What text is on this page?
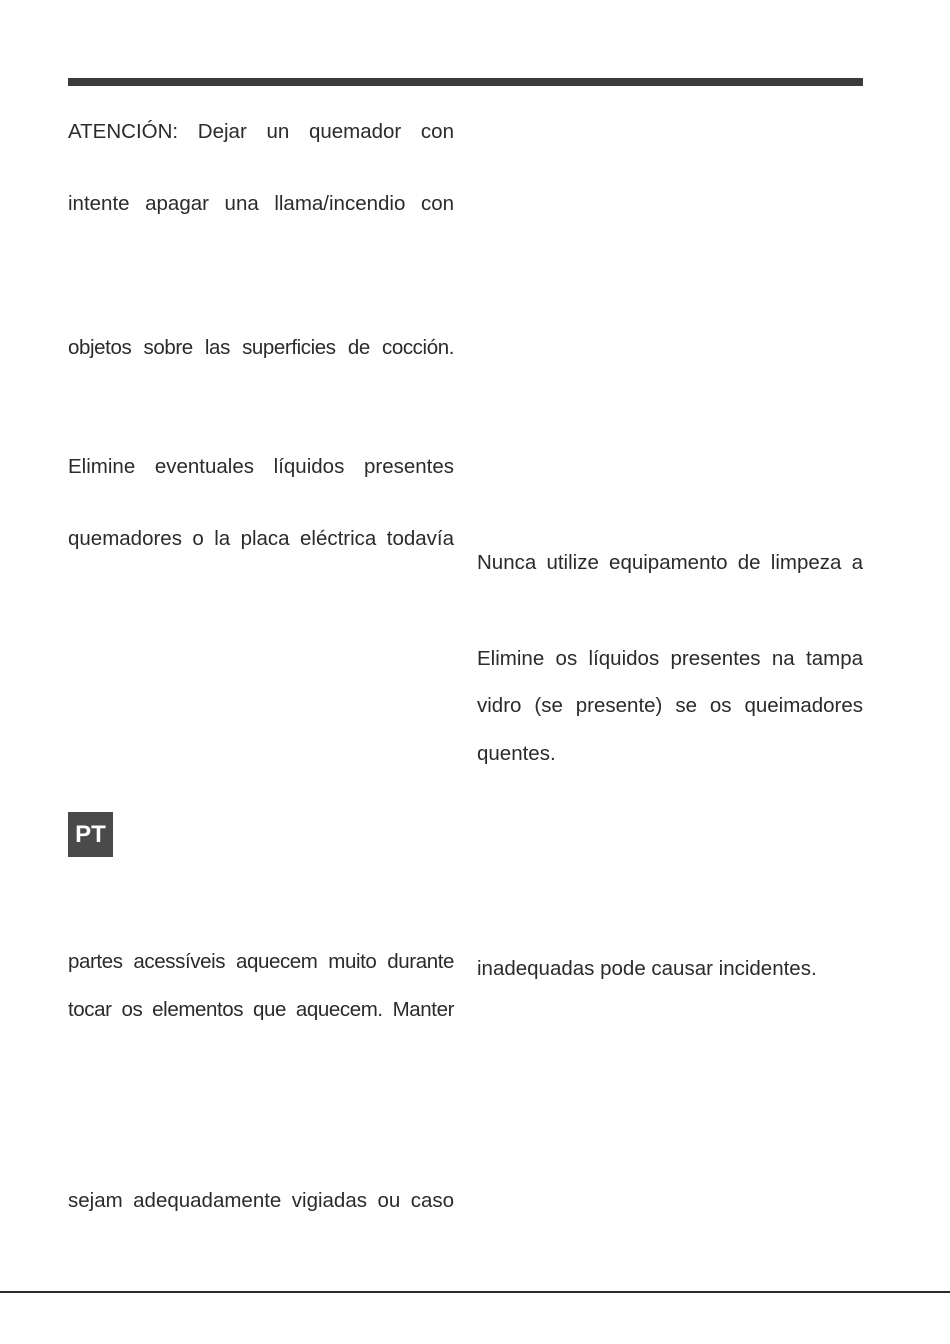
ATENCIÓN: Dejar un quemador con
intente apagar una llama/incendio con
objetos sobre las superficies de cocción.
Elimine eventuales líquidos presentes
quemadores o la placa eléctrica todavía
PT
partes acessíveis aquecem muito durante
tocar os elementos que aquecem. Manter
sejam adequadamente vigiadas ou caso
Nunca utilize equipamento de limpeza a
Elimine os líquidos presentes na tampa
vidro (se presente) se os queimadores
quentes.
inadequadas pode causar incidentes.
